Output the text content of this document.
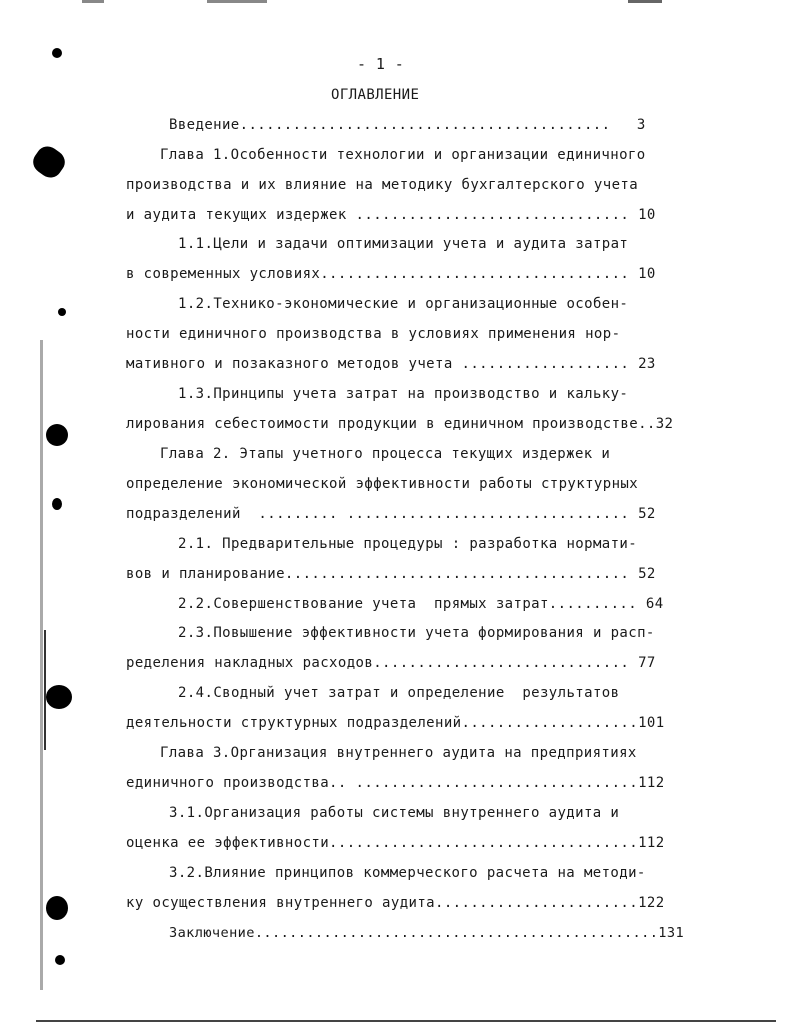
- 1 -
ОГЛАВЛЕНИЕ
Введение..........................................   3
Глава 1.Особенности технологии и организации единичного
производства и их влияние на методику бухгалтерского учета
и аудита текущих издержек ............................... 10
1.1.Цели и задачи оптимизации учета и аудита затрат
в современных условиях................................... 10
1.2.Технико-экономические и организационные особен-
ности единичного производства в условиях применения нор-
мативного и позаказного методов учета ................... 23
1.3.Принципы учета затрат на производство и кальку-
лирования себестоимости продукции в единичном производстве..32
Глава 2. Этапы учетного процесса текущих издержек и
определение экономической эффективности работы структурных
подразделений  ......... ................................ 52
2.1. Предварительные процедуры : разработка нормати-
вов и планирование....................................... 52
2.2.Совершенствование учета  прямых затрат.......... 64
2.3.Повышение эффективности учета формирования и расп-
ределения накладных расходов............................. 77
2.4.Сводный учет затрат и определение  результатов
деятельности структурных подразделений....................101
Глава 3.Организация внутреннего аудита на предприятиях
единичного производства.. ................................112
3.1.Организация работы системы внутреннего аудита и
оценка ее эффективности...................................112
3.2.Влияние принципов коммерческого расчета на методи-
ку осуществления внутреннего аудита.......................122
Заключение...............................................131
